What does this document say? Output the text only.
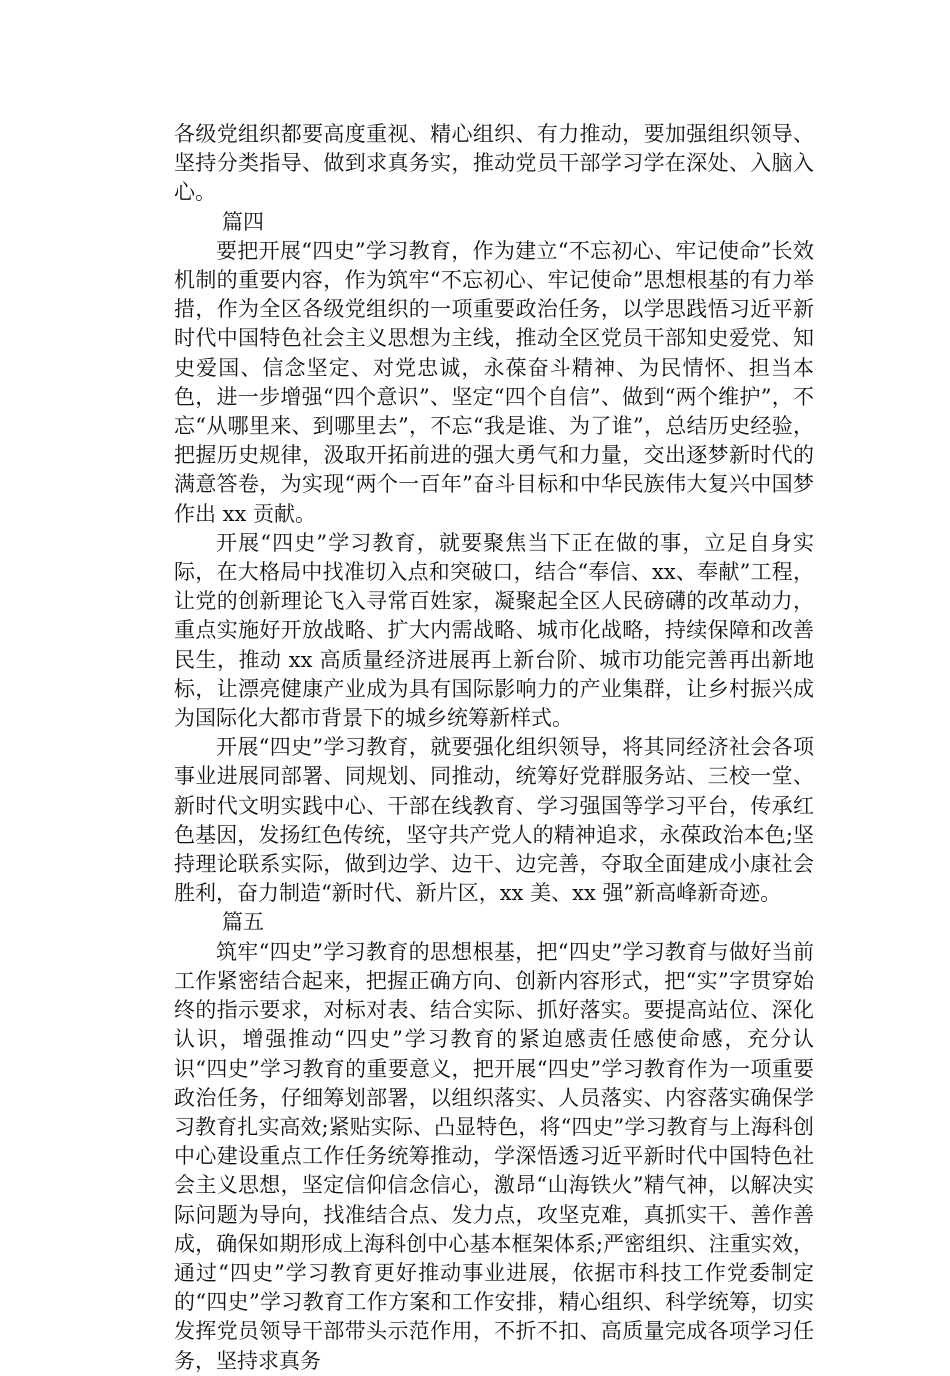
各级党组织都要高度重视、精心组织、有力推动，要加强组织领导、坚持分类指导、做到求真务实，推动党员干部学习学在深处、入脑入心。

篇四

要把开展“四史”学习教育，作为建立“不忘初心、牢记使命”长效机制的重要内容，作为筑牢“不忘初心、牢记使命”思想根基的有力举措，作为全区各级党组织的一项重要政治任务，以学思践悟习近平新时代中国特色社会主义思想为主线，推动全区党员干部知史爱党、知史爱国、信念坚定、对党忠诚，永葆奋斗精神、为民情怀、担当本色，进一步增强“四个意识”、坚定“四个自信”、做到“两个维护”，不忘“从哪里来、到哪里去”，不忘“我是谁、为了谁”，总结历史经验，把握历史规律，汲取开拓前进的强大勇气和力量，交出逐梦新时代的满意答卷，为实现“两个一百年”奋斗目标和中华民族伟大复兴中国梦作出 xx 贡献。

开展“四史”学习教育，就要聚焦当下正在做的事，立足自身实际，在大格局中找准切入点和突破口，结合“奉信、xx、奉献”工程，让党的创新理论飞入寻常百姓家，凝聚起全区人民磅礴的改革动力，重点实施好开放战略、扩大内需战略、城市化战略，持续保障和改善民生，推动 xx 高质量经济进展再上新台阶、城市功能完善再出新地标，让漂亮健康产业成为具有国际影响力的产业集群，让乡村振兴成为国际化大都市背景下的城乡统筹新样式。

开展“四史”学习教育，就要强化组织领导，将其同经济社会各项事业进展同部署、同规划、同推动，统筹好党群服务站、三校一堂、新时代文明实践中心、干部在线教育、学习强国等学习平台，传承红色基因，发扬红色传统，坚守共产党人的精神追求，永葆政治本色;坚持理论联系实际，做到边学、边干、边完善，夺取全面建成小康社会胜利，奋力制造“新时代、新片区，xx 美、xx 强”新高峰新奇迹。

篇五

筑牢“四史”学习教育的思想根基，把“四史”学习教育与做好当前工作紧密结合起来，把握正确方向、创新内容形式，把“实”字贯穿始终的指示要求，对标对表、结合实际、抓好落实。要提高站位、深化认识，增强推动“四史”学习教育的紧迫感责任感使命感，充分认识“四史”学习教育的重要意义，把开展“四史”学习教育作为一项重要政治任务，仔细筹划部署，以组织落实、人员落实、内容落实确保学习教育扎实高效;紧贴实际、凸显特色，将“四史”学习教育与上海科创中心建设重点工作任务统筹推动，学深悟透习近平新时代中国特色社会主义思想，坚定信仰信念信心，激昂“山海铁火”精气神，以解决实际问题为导向，找准结合点、发力点，攻坚克难，真抓实干、善作善成，确保如期形成上海科创中心基本框架体系;严密组织、注重实效，通过“四史”学习教育更好推动事业进展，依据市科技工作党委制定的“四史”学习教育工作方案和工作安排，精心组织、科学统筹，切实发挥党员领导干部带头示范作用，不折不扣、高质量完成各项学习任务，坚持求真务
